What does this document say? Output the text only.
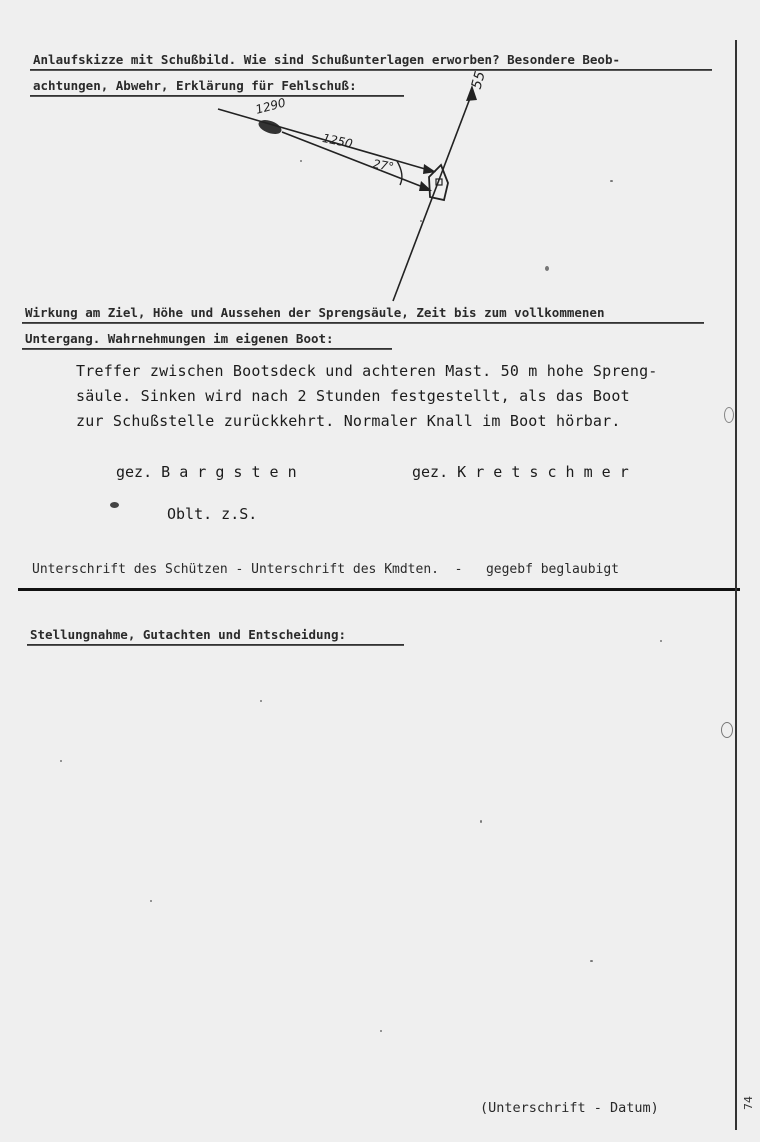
Anlaufskizze mit Schußbild. Wie sind Schußunterlagen erworben? Besondere Beob-

achtungen, Abwehr, Erklärung für Fehlschuß:	55
1290
1250
27°

Wirkung am Ziel, Höhe und Aussehen der Sprengsäule, Zeit bis zum vollkommenen

Untergang. Wahrnehmungen im eigenen Boot:

Treffer zwischen Bootsdeck und achteren Mast. 50 m hohe Spreng-

säule. Sinken wird nach 2 Stunden festgestellt, als das Boot

zur Schußstelle zurückkehrt. Normaler Knall im Boot hörbar.

gez. B a r g s t e n	gez. K r e t s c h m e r

Oblt. z.S.

Unterschrift des Schützen - Unterschrift des Kmdten.  -   gegebf beglaubigt

Stellungnahme, Gutachten und Entscheidung:

(Unterschrift - Datum)	74
